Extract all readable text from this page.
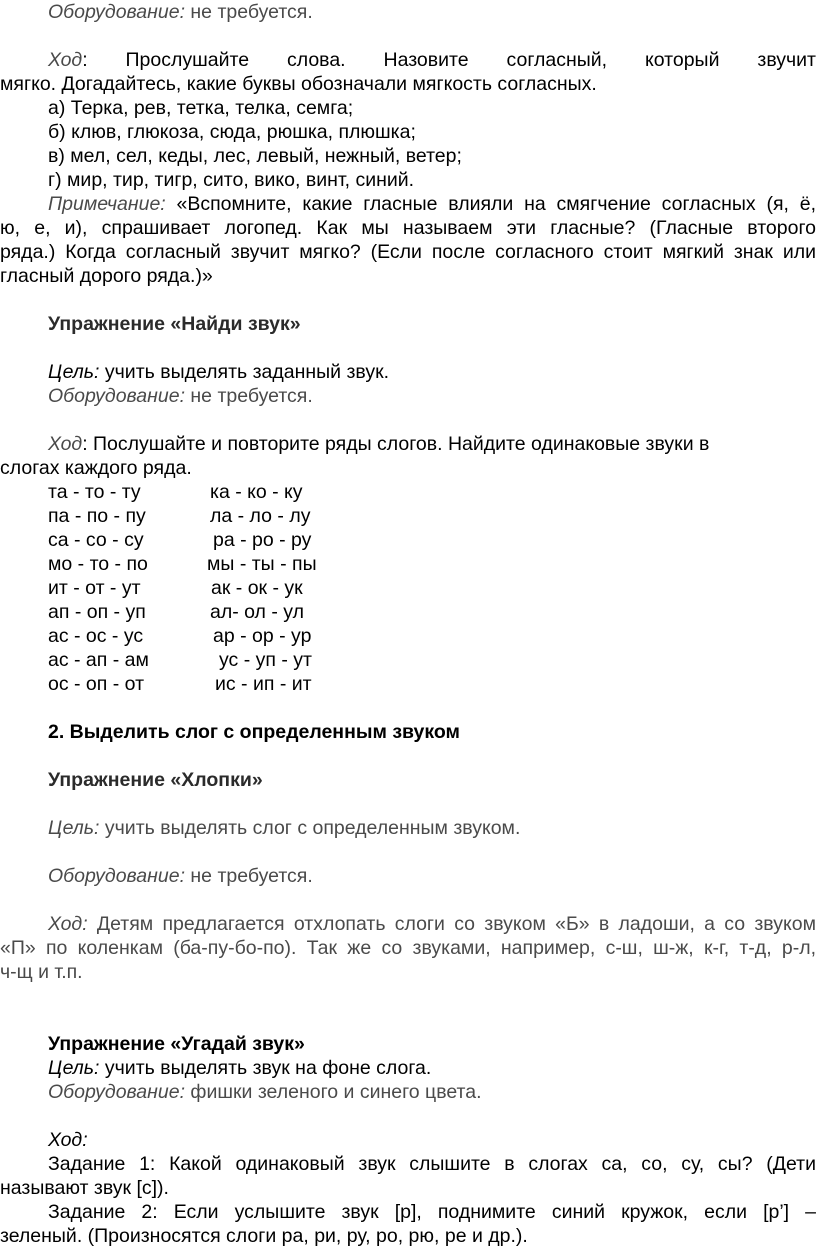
Оборудование: не требуется.
Ход: Прослушайте слова. Назовите согласный, который звучит
мягко. Догадайтесь, какие буквы обозначали мягкость согласных.
а) Терка, рев, тетка, телка, семга;
б) клюв, глюкоза, сюда, рюшка, плюшка;
в) мел, сел, кеды, лес, левый, нежный, ветер;
г) мир, тир, тигр, сито, вико, винт, синий.
Примечание: «Вспомните, какие гласные влияли на смягчение согласных (я, ё,
ю, е, и), спрашивает логопед. Как мы называем эти гласные? (Гласные второго
ряда.) Когда согласный звучит мягко? (Если после согласного стоит мягкий знак или
гласный дорого ряда.)»
Упражнение «Найди звук»
Цель: учить выделять заданный звук.
Оборудование: не требуется.
Ход: Послушайте и повторите ряды слогов. Найдите одинаковые звуки в
слогах каждого ряда.
та - то - ту	ка - ко - ку
па - по - пу	ла - ло - лу
са - со - су	ра - ро - ру
мо - то - по	мы - ты - пы
ит - от - ут	ак - ок - ук
ап - оп - уп	ал- ол - ул
ас - ос - ус	ар - ор - ур
ас - ап - ам	ус - уп - ут
ос - оп - от	ис - ип - ит
2. Выделить слог с определенным звуком
Упражнение «Хлопки»
Цель: учить выделять слог с определенным звуком.
Оборудование: не требуется.
Ход: Детям предлагается отхлопать слоги со звуком «Б» в ладоши, а со звуком
«П» по коленкам (ба-пу-бо-по). Так же со звуками, например, с-ш, ш-ж, к-г, т-д, р-л,
ч-щ и т.п.
Упражнение «Угадай звук»
Цель: учить выделять звук на фоне слога.
Оборудование: фишки зеленого и синего цвета.
Ход:
Задание 1: Какой одинаковый звук слышите в слогах са, со, су, сы? (Дети
называют звук [с]).
Задание 2: Если услышите звук [р], поднимите синий кружок, если [р’] –
зеленый. (Произносятся слоги ра, ри, ру, ро, рю, ре и др.).
